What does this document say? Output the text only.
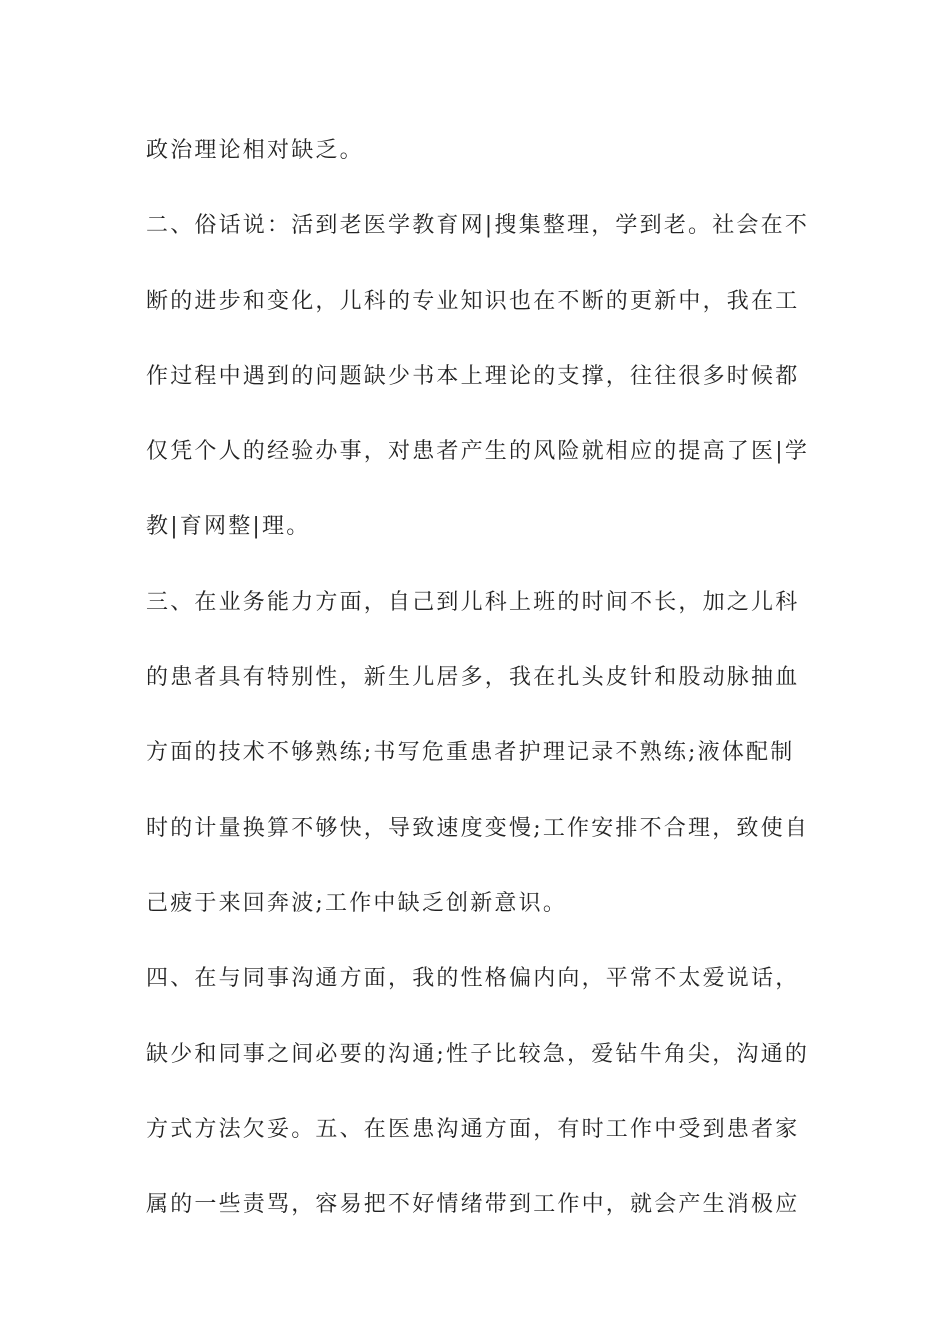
政治理论相对缺乏。
二、俗话说：活到老医学教育网|搜集整理，学到老。社会在不
断的进步和变化，儿科的专业知识也在不断的更新中，我在工
作过程中遇到的问题缺少书本上理论的支撑，往往很多时候都
仅凭个人的经验办事，对患者产生的风险就相应的提高了医|学
教|育网整|理。
三、在业务能力方面，自己到儿科上班的时间不长，加之儿科
的患者具有特别性，新生儿居多，我在扎头皮针和股动脉抽血
方面的技术不够熟练;书写危重患者护理记录不熟练;液体配制
时的计量换算不够快，导致速度变慢;工作安排不合理，致使自
己疲于来回奔波;工作中缺乏创新意识。
四、在与同事沟通方面，我的性格偏内向，平常不太爱说话，
缺少和同事之间必要的沟通;性子比较急，爱钻牛角尖，沟通的
方式方法欠妥。五、在医患沟通方面，有时工作中受到患者家
属的一些责骂，容易把不好情绪带到工作中，就会产生消极应
